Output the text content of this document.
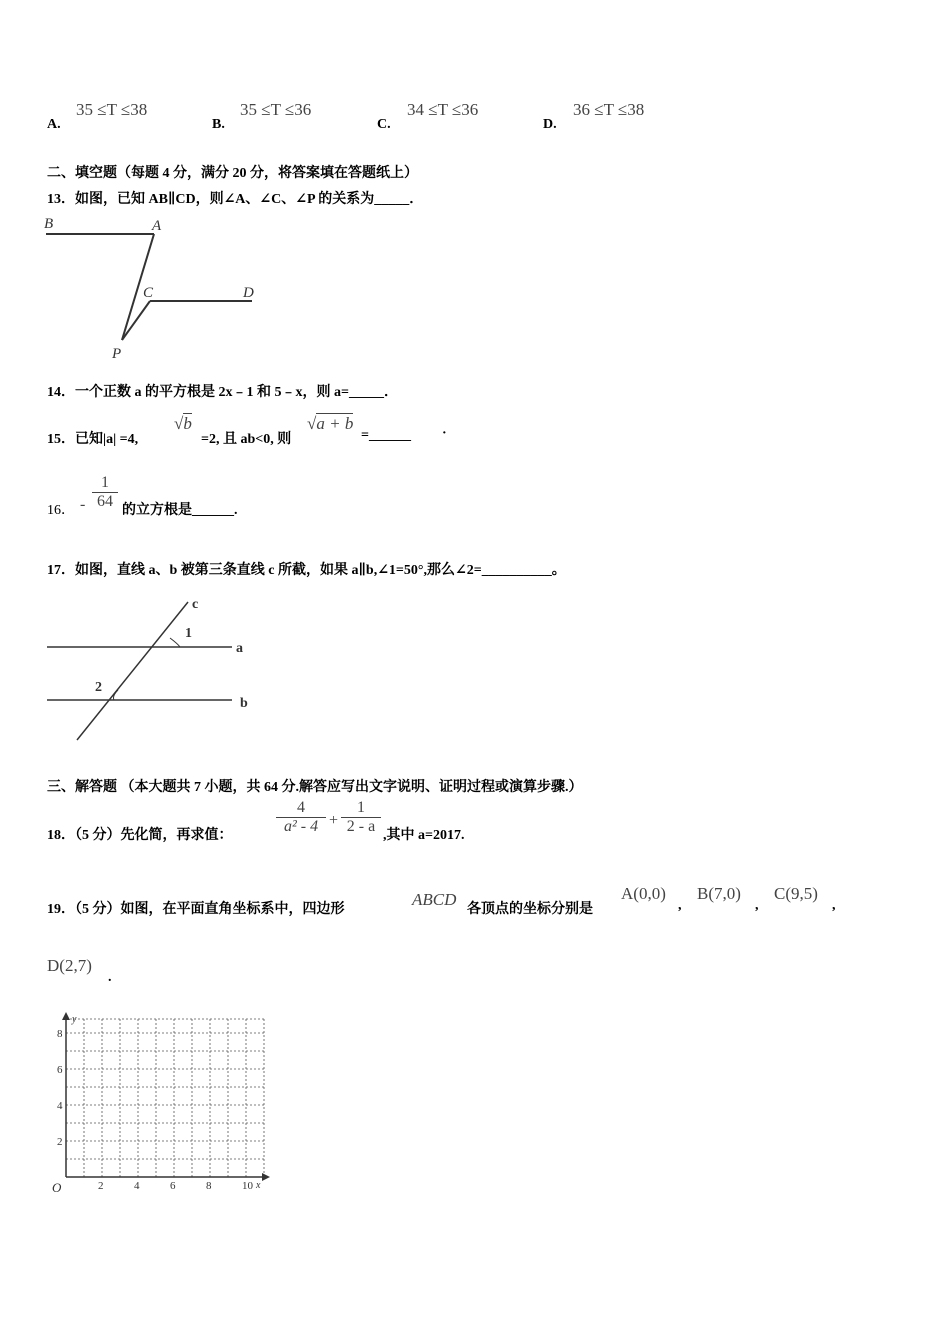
A.
35 ≤T ≤38
B.
35 ≤T ≤36
C.
34 ≤T ≤36
D.
36 ≤T ≤38
二、填空题（每题 4 分，满分 20 分，将答案填在答题纸上）
13．如图，已知 AB∥CD，则∠A、∠C、∠P 的关系为_____．
B	A
C	D
P
14．一个正数 a 的平方根是 2x﹣1 和 5﹣x，则 a=_____．
15．已知|a| =4,
√b
=2, 且 ab<0, 则
√a + b
=______ ·
16． -
1
64
的立方根是______.
17．如图，直线 a、b 被第三条直线 c 所截，如果 a∥b,∠1=50°,那么∠2=__________。
c
a
b
1
2
三、解答题 （本大题共 7 小题，共 64 分.解答应写出文字说明、证明过程或演算步骤.）
18．（5 分）先化简，再求值：
4
a² - 4 +
1
2 - a
,其中 a=2017.
19．（5 分）如图，在平面直角坐标系中，四边形
ABCD
各顶点的坐标分别是
A(0,0)
,
B(7,0)
,
C(9,5)
,
D(2,7)
.
y
x
O	2	4	6	8	10
2
4
6
8
